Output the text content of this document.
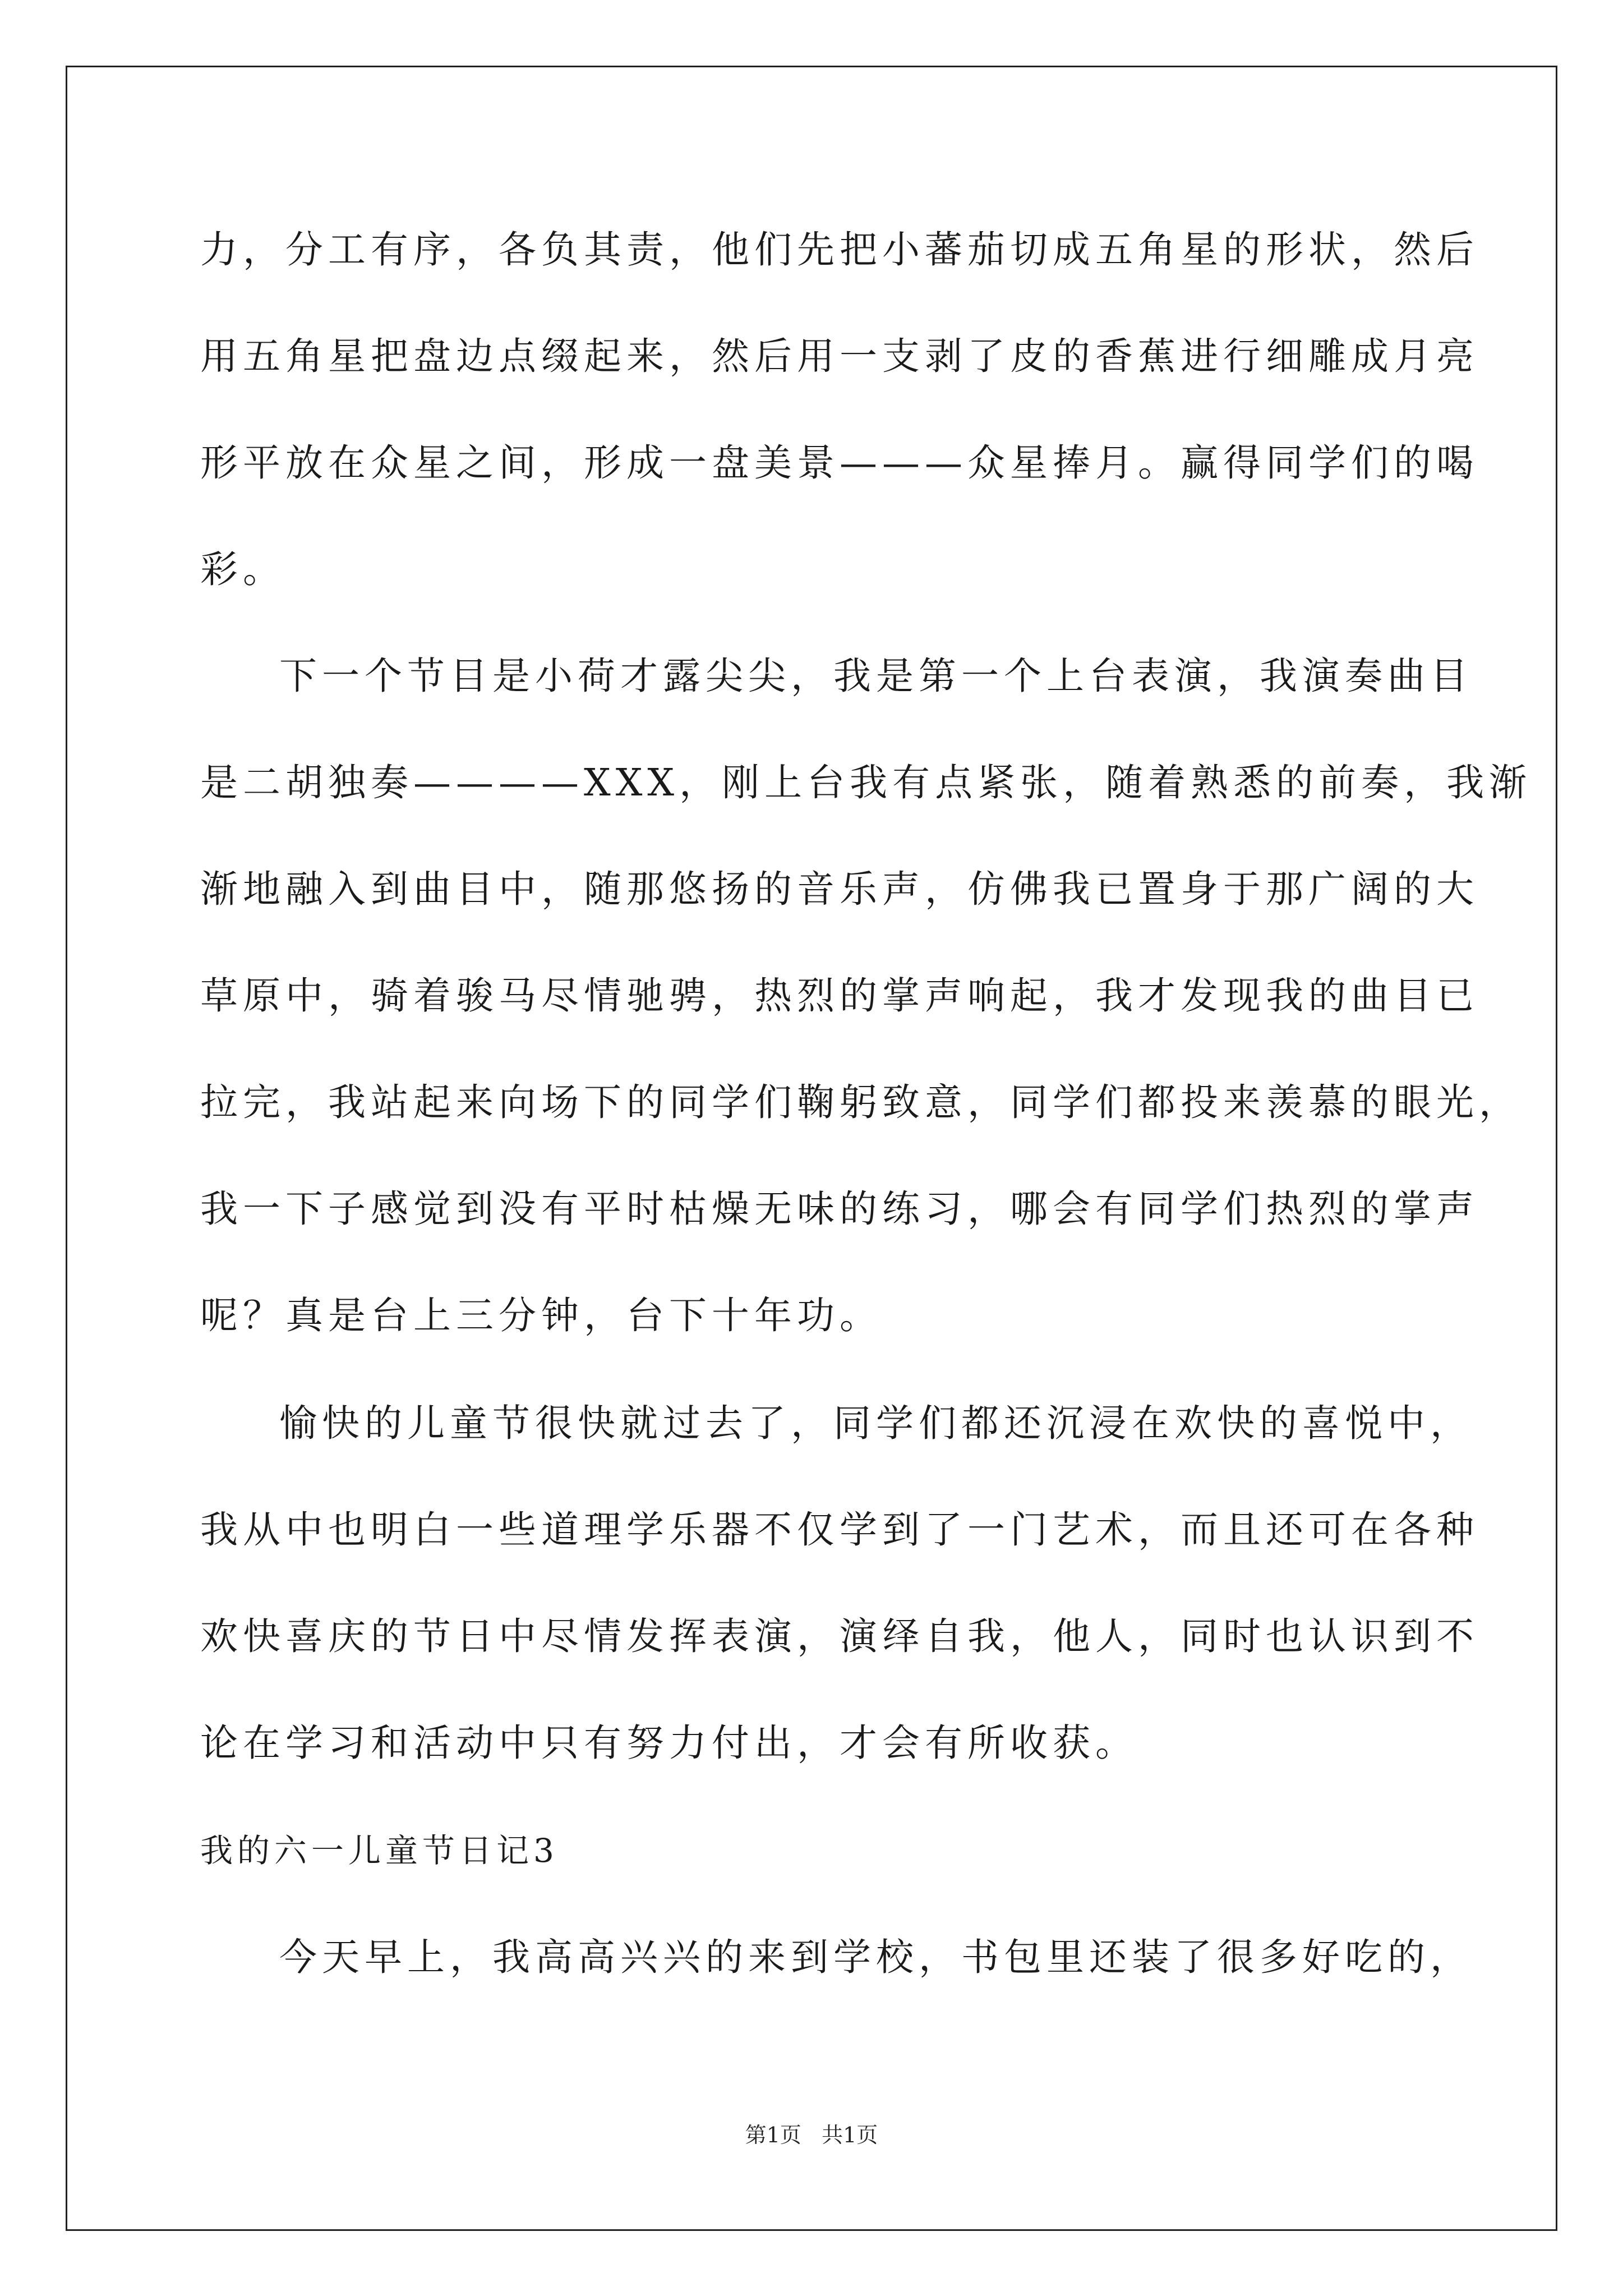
力，分工有序，各负其责，他们先把小蕃茄切成五角星的形状，然后
用五角星把盘边点缀起来，然后用一支剥了皮的香蕉进行细雕成月亮
形平放在众星之间，形成一盘美景———众星捧月。赢得同学们的喝
彩。
下一个节目是小荷才露尖尖，我是第一个上台表演，我演奏曲目
是二胡独奏————XXX，刚上台我有点紧张，随着熟悉的前奏，我渐
渐地融入到曲目中，随那悠扬的音乐声，仿佛我已置身于那广阔的大
草原中，骑着骏马尽情驰骋，热烈的掌声响起，我才发现我的曲目已
拉完，我站起来向场下的同学们鞠躬致意，同学们都投来羡慕的眼光，
我一下子感觉到没有平时枯燥无味的练习，哪会有同学们热烈的掌声
呢？真是台上三分钟，台下十年功。
愉快的儿童节很快就过去了，同学们都还沉浸在欢快的喜悦中，
我从中也明白一些道理学乐器不仅学到了一门艺术，而且还可在各种
欢快喜庆的节日中尽情发挥表演，演绎自我，他人，同时也认识到不
论在学习和活动中只有努力付出，才会有所收获。
我的六一儿童节日记3
今天早上，我高高兴兴的来到学校，书包里还装了很多好吃的，
第1页   共1页
